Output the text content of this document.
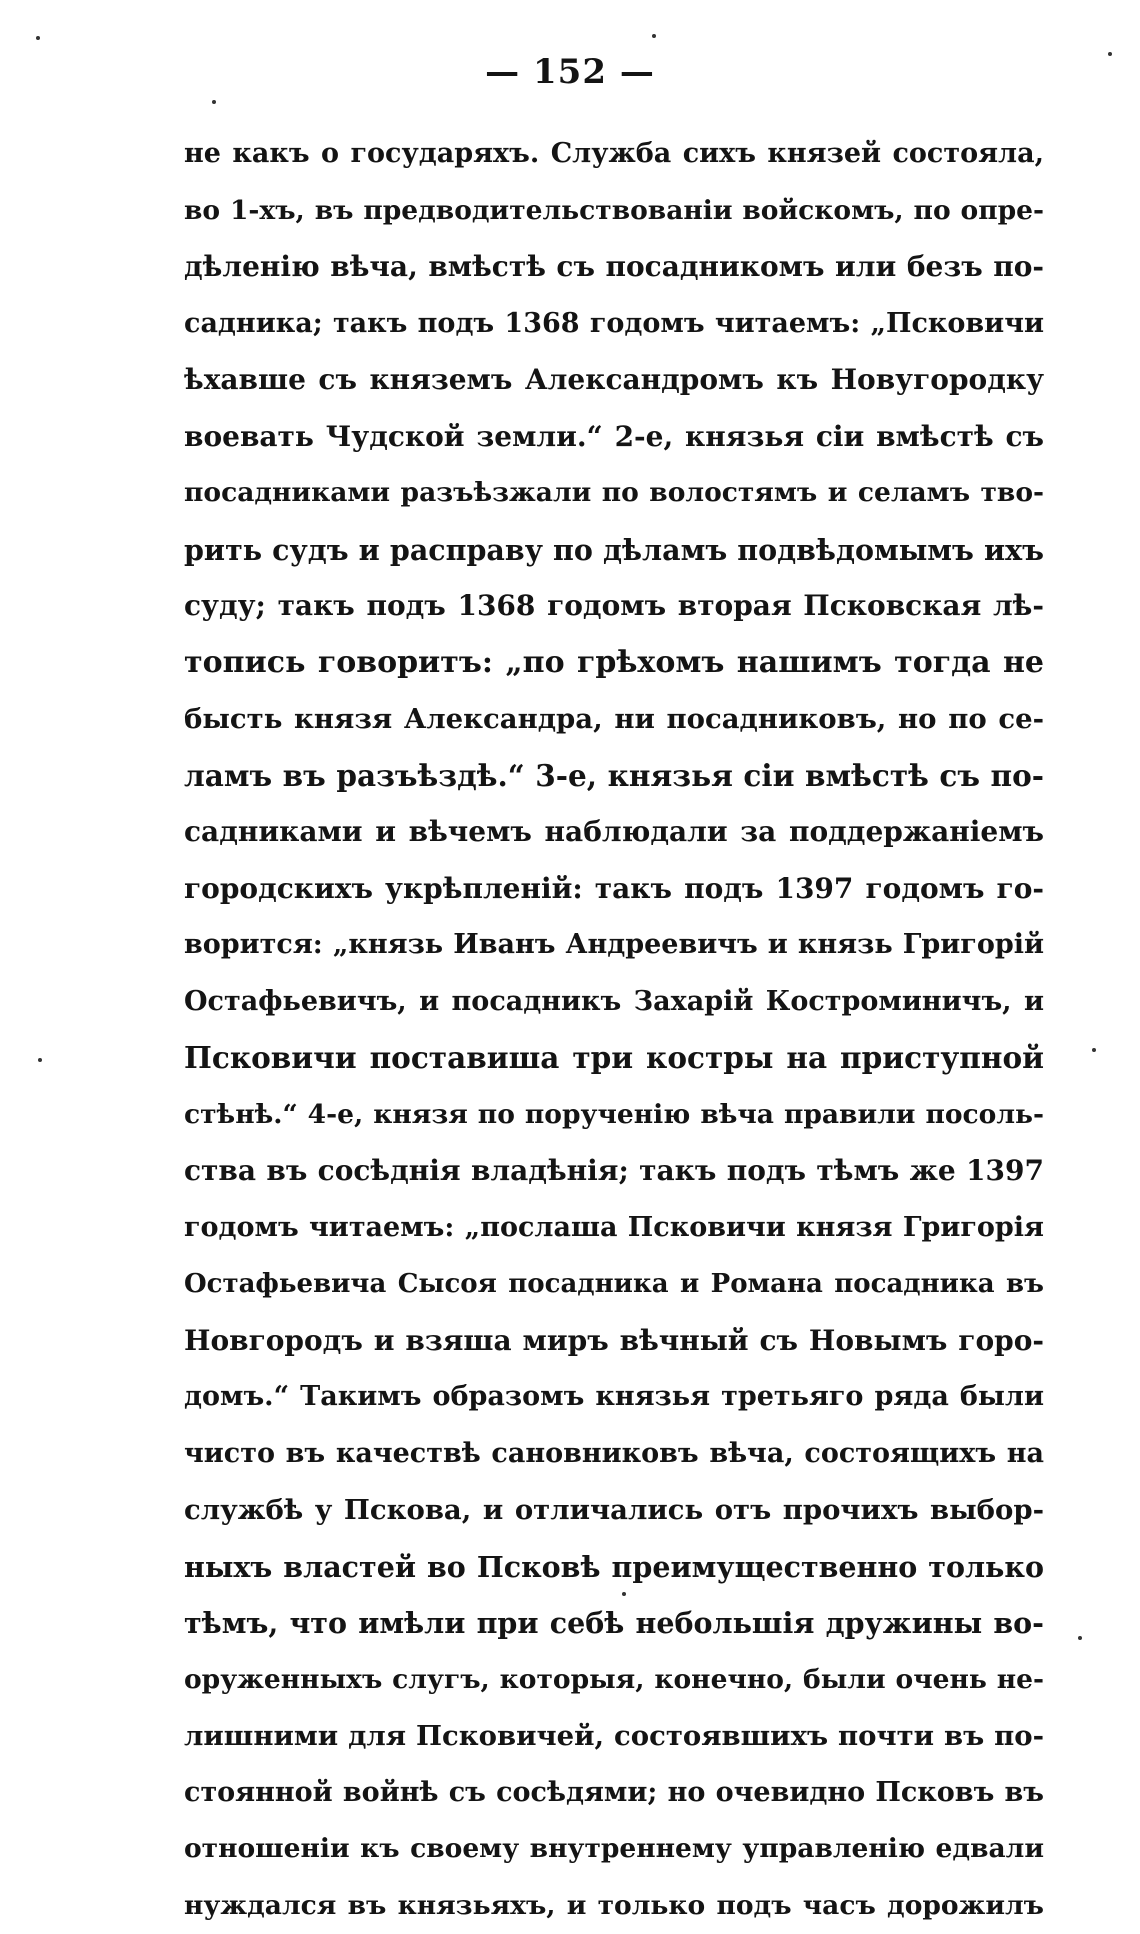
— 152 —
не какъ о государяхъ. Служба сихъ князей состояла,
во 1-хъ, въ предводительствованіи войскомъ, по опре-
дѣленію вѣча, вмѣстѣ съ посадникомъ или безъ по-
садника; такъ подъ 1368 годомъ читаемъ: „Псковичи
ѣхавше съ княземъ Александромъ къ Новугородку
воевать Чудской земли.“ 2-е, князья сіи вмѣстѣ съ
посадниками разъѣзжали по волостямъ и селамъ тво-
рить судъ и расправу по дѣламъ подвѣдомымъ ихъ
суду; такъ подъ 1368 годомъ вторая Псковская лѣ-
топись говоритъ: „по грѣхомъ нашимъ тогда не
бысть князя Александра, ни посадниковъ, но по се-
ламъ въ разъѣздѣ.“ 3-е, князья сіи вмѣстѣ съ по-
садниками и вѣчемъ наблюдали за поддержаніемъ
городскихъ укрѣпленій: такъ подъ 1397 годомъ го-
ворится: „князь Иванъ Андреевичъ и князь Григорій
Остафьевичъ, и посадникъ Захарій Костроминичъ, и
Псковичи поставиша три костры на приступной
стѣнѣ.“ 4-е, князя по порученію вѣча правили посоль-
ства въ сосѣднія владѣнія; такъ подъ тѣмъ же 1397
годомъ читаемъ: „послаша Псковичи князя Григорія
Остафьевича Сысоя посадника и Романа посадника въ
Новгородъ и взяша миръ вѣчный съ Новымъ горо-
домъ.“ Такимъ образомъ князья третьяго ряда были
чисто въ качествѣ сановниковъ вѣча, состоящихъ на
службѣ у Пскова, и отличались отъ прочихъ выбор-
ныхъ властей во Псковѣ преимущественно только
тѣмъ, что имѣли при себѣ небольшія дружины во-
оруженныхъ слугъ, которыя, конечно, были очень не-
лишними для Псковичей, состоявшихъ почти въ по-
стоянной войнѣ съ сосѣдями; но очевидно Псковъ въ
отношеніи къ своему внутреннему управленію едвали
нуждался въ князьяхъ, и только подъ часъ дорожилъ
